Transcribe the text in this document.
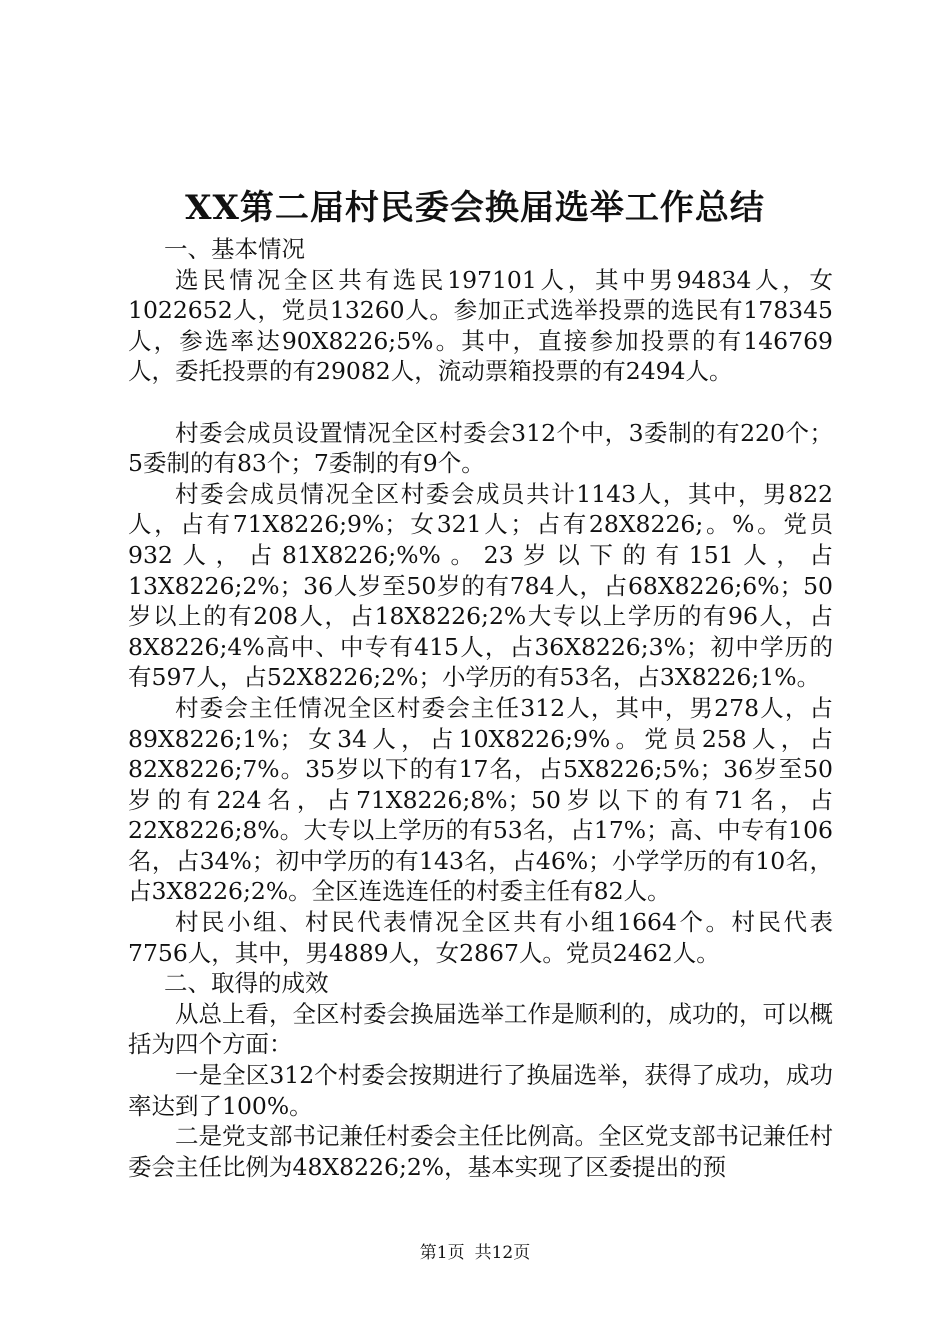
XX第二届村民委会换届选举工作总结

一、基本情况

选民情况全区共有选民197101人，其中男94834人，女1022652人，党员13260人。参加正式选举投票的选民有178345人，参选率达90X8226;5%。其中，直接参加投票的有146769人，委托投票的有29082人，流动票箱投票的有2494人。

村委会成员设置情况全区村委会312个中，3委制的有220个；5委制的有83个；7委制的有9个。

村委会成员情况全区村委会成员共计1143人，其中，男822人，占有71X8226;9%；女321人；占有28X8226;。%。党员932人，占81X8226;%%。23岁以下的有151人，占13X8226;2%；36人岁至50岁的有784人，占68X8226;6%；50岁以上的有208人，占18X8226;2%大专以上学历的有96人，占8X8226;4%高中、中专有415人，占36X8226;3%；初中学历的有597人，占52X8226;2%；小学历的有53名，占3X8226;1%。

村委会主任情况全区村委会主任312人，其中，男278人，占89X8226;1%；女34人，占10X8226;9%。党员258人，占82X8226;7%。35岁以下的有17名，占5X8226;5%；36岁至50岁的有224名，占71X8226;8%；50岁以下的有71名，占22X8226;8%。大专以上学历的有53名，占17%；高、中专有106名，占34%；初中学历的有143名，占46%；小学学历的有10名，占3X8226;2%。全区连选连任的村委主任有82人。

村民小组、村民代表情况全区共有小组1664个。村民代表7756人，其中，男4889人，女2867人。党员2462人。

二、取得的成效

从总上看，全区村委会换届选举工作是顺利的，成功的，可以概括为四个方面：

一是全区312个村委会按期进行了换届选举，获得了成功，成功率达到了100%。

二是党支部书记兼任村委会主任比例高。全区党支部书记兼任村委会主任比例为48X8226;2%，基本实现了区委提出的预

第1页 共12页
